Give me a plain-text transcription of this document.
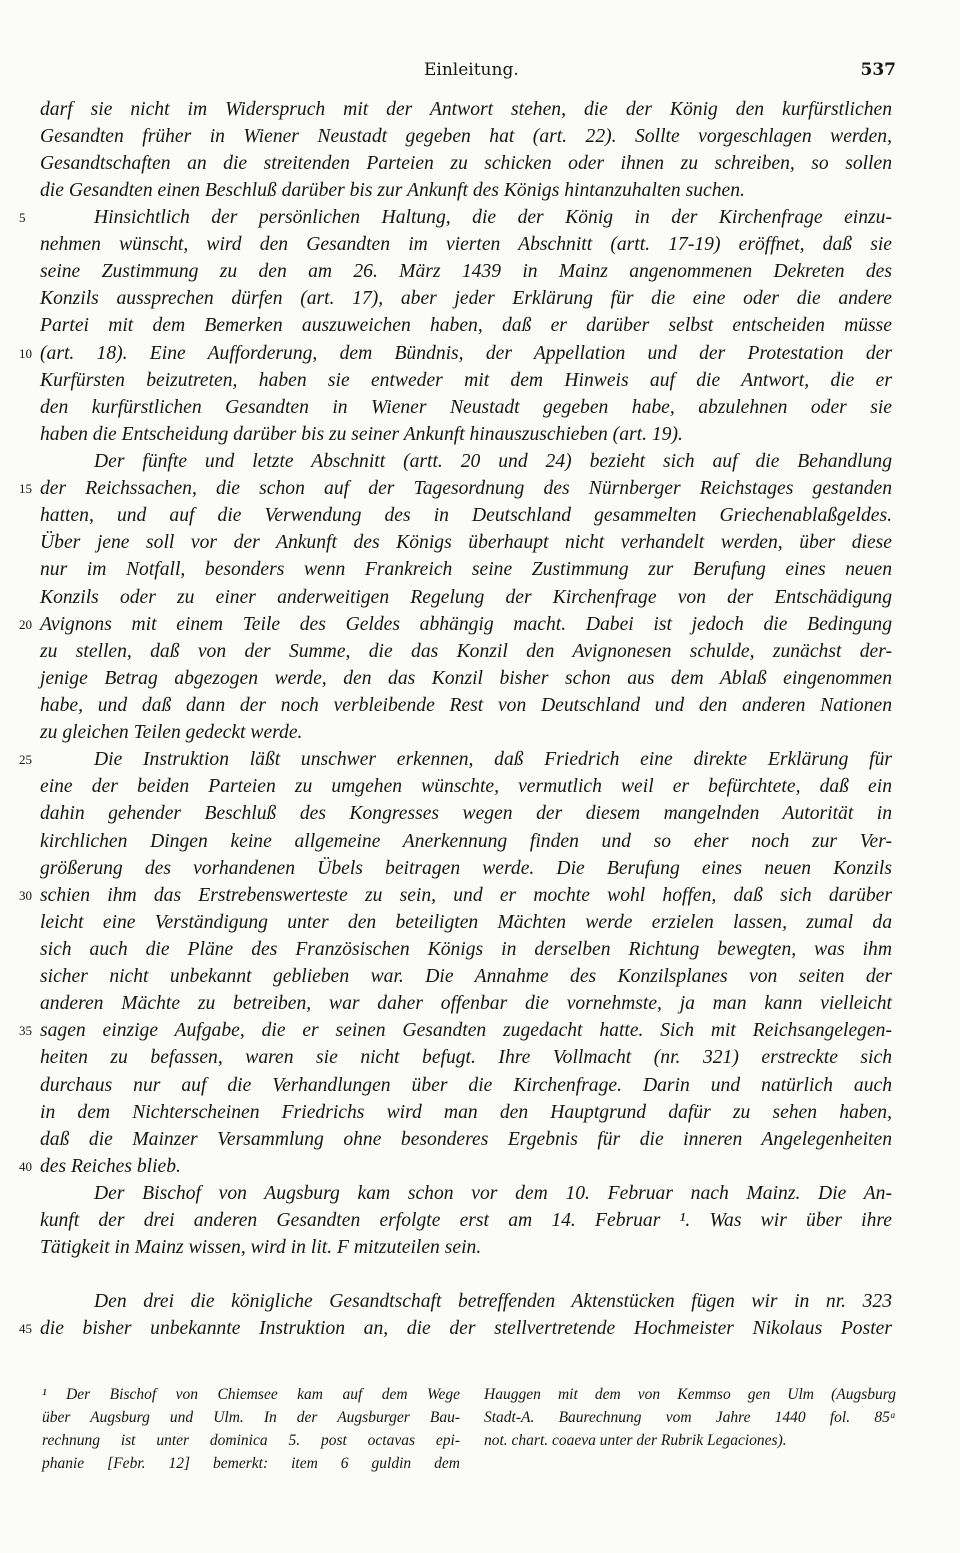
Einleitung.	537
darf sie nicht im Widerspruch mit der Antwort stehen, die der König den kurfürstlichen
Gesandten früher in Wiener Neustadt gegeben hat (art. 22). Sollte vorgeschlagen werden,
Gesandtschaften an die streitenden Parteien zu schicken oder ihnen zu schreiben, so sollen
die Gesandten einen Beschluß darüber bis zur Ankunft des Königs hintanzuhalten suchen.
Hinsichtlich der persönlichen Haltung, die der König in der Kirchenfrage einzu-
nehmen wünscht, wird den Gesandten im vierten Abschnitt (artt. 17-19) eröffnet, daß sie
seine Zustimmung zu den am 26. März 1439 in Mainz angenommenen Dekreten des
Konzils aussprechen dürfen (art. 17), aber jeder Erklärung für die eine oder die andere
Partei mit dem Bemerken auszuweichen haben, daß er darüber selbst entscheiden müsse
(art. 18). Eine Aufforderung, dem Bündnis, der Appellation und der Protestation der
Kurfürsten beizutreten, haben sie entweder mit dem Hinweis auf die Antwort, die er
den kurfürstlichen Gesandten in Wiener Neustadt gegeben habe, abzulehnen oder sie
haben die Entscheidung darüber bis zu seiner Ankunft hinauszuschieben (art. 19).
Der fünfte und letzte Abschnitt (artt. 20 und 24) bezieht sich auf die Behandlung
der Reichssachen, die schon auf der Tagesordnung des Nürnberger Reichstages gestanden
hatten, und auf die Verwendung des in Deutschland gesammelten Griechenablaßgeldes.
Über jene soll vor der Ankunft des Königs überhaupt nicht verhandelt werden, über diese
nur im Notfall, besonders wenn Frankreich seine Zustimmung zur Berufung eines neuen
Konzils oder zu einer anderweitigen Regelung der Kirchenfrage von der Entschädigung
Avignons mit einem Teile des Geldes abhängig macht. Dabei ist jedoch die Bedingung
zu stellen, daß von der Summe, die das Konzil den Avignonesen schulde, zunächst der-
jenige Betrag abgezogen werde, den das Konzil bisher schon aus dem Ablaß eingenommen
habe, und daß dann der noch verbleibende Rest von Deutschland und den anderen Nationen
zu gleichen Teilen gedeckt werde.
Die Instruktion läßt unschwer erkennen, daß Friedrich eine direkte Erklärung für
eine der beiden Parteien zu umgehen wünschte, vermutlich weil er befürchtete, daß ein
dahin gehender Beschluß des Kongresses wegen der diesem mangelnden Autorität in
kirchlichen Dingen keine allgemeine Anerkennung finden und so eher noch zur Ver-
größerung des vorhandenen Übels beitragen werde. Die Berufung eines neuen Konzils
schien ihm das Erstrebenswerteste zu sein, und er mochte wohl hoffen, daß sich darüber
leicht eine Verständigung unter den beteiligten Mächten werde erzielen lassen, zumal da
sich auch die Pläne des Französischen Königs in derselben Richtung bewegten, was ihm
sicher nicht unbekannt geblieben war. Die Annahme des Konzilsplanes von seiten der
anderen Mächte zu betreiben, war daher offenbar die vornehmste, ja man kann vielleicht
sagen einzige Aufgabe, die er seinen Gesandten zugedacht hatte. Sich mit Reichsangelegen-
heiten zu befassen, waren sie nicht befugt. Ihre Vollmacht (nr. 321) erstreckte sich
durchaus nur auf die Verhandlungen über die Kirchenfrage. Darin und natürlich auch
in dem Nichterscheinen Friedrichs wird man den Hauptgrund dafür zu sehen haben,
daß die Mainzer Versammlung ohne besonderes Ergebnis für die inneren Angelegenheiten
des Reiches blieb.
Der Bischof von Augsburg kam schon vor dem 10. Februar nach Mainz. Die An-
kunft der drei anderen Gesandten erfolgte erst am 14. Februar ¹. Was wir über ihre
Tätigkeit in Mainz wissen, wird in lit. F mitzuteilen sein.
Den drei die königliche Gesandtschaft betreffenden Aktenstücken fügen wir in nr. 323
die bisher unbekannte Instruktion an, die der stellvertretende Hochmeister Nikolaus Poster
5
10
15
20
25
30
35
40
45
¹ Der Bischof von Chiemsee kam auf dem Wege
über Augsburg und Ulm. In der Augsburger Bau-
rechnung ist unter dominica 5. post octavas epi-
phanie [Febr. 12] bemerkt: item 6 guldin dem
Hauggen mit dem von Kemmso gen Ulm (Augsburg
Stadt-A. Baurechnung vom Jahre 1440 fol. 85ᵃ
not. chart. coaeva unter der Rubrik Legaciones).
